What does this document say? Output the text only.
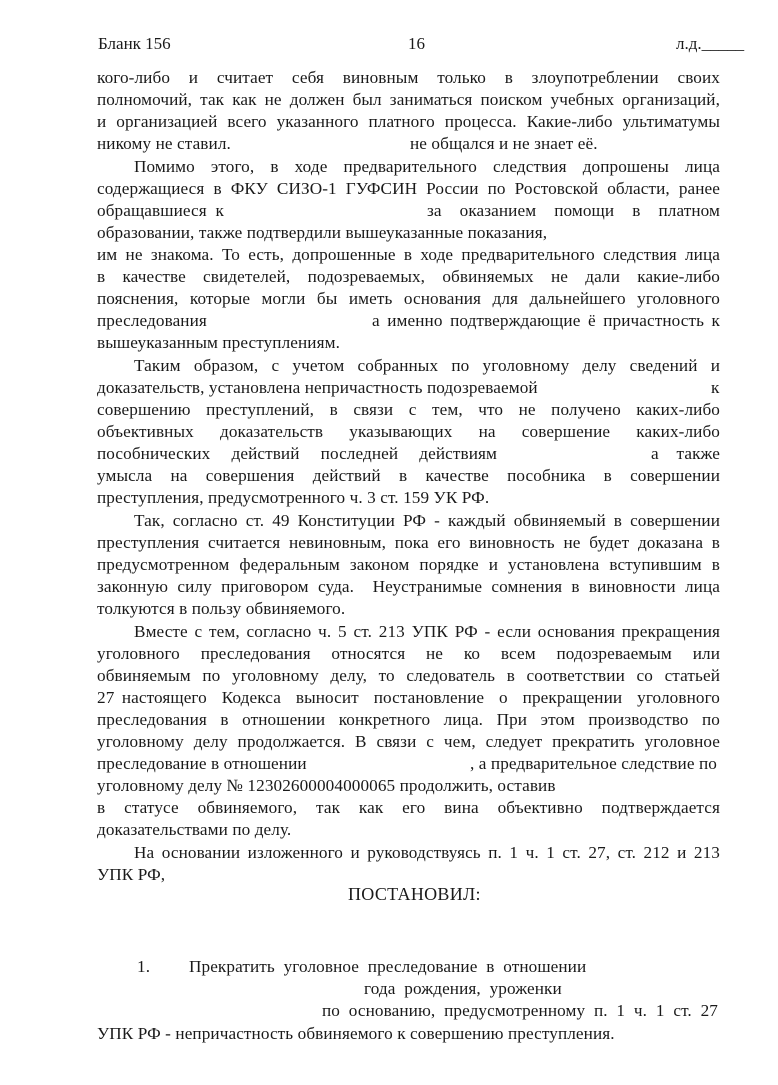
Бланк 156	16	л.д._____
кого-либо  и  считает  себя  виновным  только  в  злоупотреблении  своих
полномочий, так как не должен был заниматься поиском учебных организаций,
и организацией всего указанного платного процесса. Какие-либо ультиматумы
никому не ставил.	не общался и не знает её.
Помимо этого, в ходе предварительного следствия допрошены лица
содержащиеся в ФКУ СИЗО-1 ГУФСИН России по Ростовской области, ранее
обращавшиеся  к	за  оказанием  помощи  в  платном
образовании, также подтвердили вышеуказанные показания,
им не знакома. То есть, допрошенные в ходе предварительного следствия лица
в  качестве  свидетелей,  подозреваемых,  обвиняемых  не  дали  какие-либо
пояснения,  которые  могли  бы  иметь  основания  для  дальнейшего  уголовного
преследования	а именно подтверждающие ё причастность к
вышеуказанным преступлениям.
Таким образом, с учетом собранных по уголовному делу сведений и
доказательств, установлена непричастность подозреваемой	к
совершению  преступлений,  в  связи  с  тем,  что  не  получено  каких-либо
объективных    доказательств    указывающих    на    совершение    каких-либо
пособнических  действий  последней  действиям	а  также
умысла  на  совершения  действий  в  качестве  пособника  в  совершении
преступления, предусмотренного ч. 3 ст. 159 УК РФ.
Так, согласно ст. 49 Конституции РФ - каждый обвиняемый в совершении
преступления считается невиновным, пока его виновность не будет доказана в
предусмотренном федеральным законом порядке и установлена вступившим в
законную силу приговором суда.  Неустранимые сомнения в виновности лица
толкуются в пользу обвиняемого.
Вместе с тем, согласно ч. 5 ст. 213 УПК РФ - если основания прекращения
уголовного    преследования    относятся    не    ко    всем    подозреваемым    или
обвиняемым по уголовному делу, то следователь в соответствии со статьей
27 настоящего  Кодекса  выносит  постановление  о  прекращении  уголовного
преследования  в  отношении  конкретного  лица.  При  этом  производство  по
уголовному делу продолжается. В связи с чем, следует прекратить уголовное
преследование в отношении	, а предварительное следствие по
уголовному делу № 12302600004000065 продолжить, оставив
в  статусе  обвиняемого,  так  как  его  вина  объективно  подтверждается
доказательствами по делу.
На основании изложенного и руководствуясь п. 1 ч. 1 ст. 27, ст. 212 и 213
УПК РФ,
ПОСТАНОВИЛ:
1. Прекратить  уголовное  преследование  в  отношении
года  рождения,  уроженки
по  основанию,  предусмотренному  п.  1  ч.  1  ст.  27
УПК РФ - непричастность обвиняемого к совершению преступления.
